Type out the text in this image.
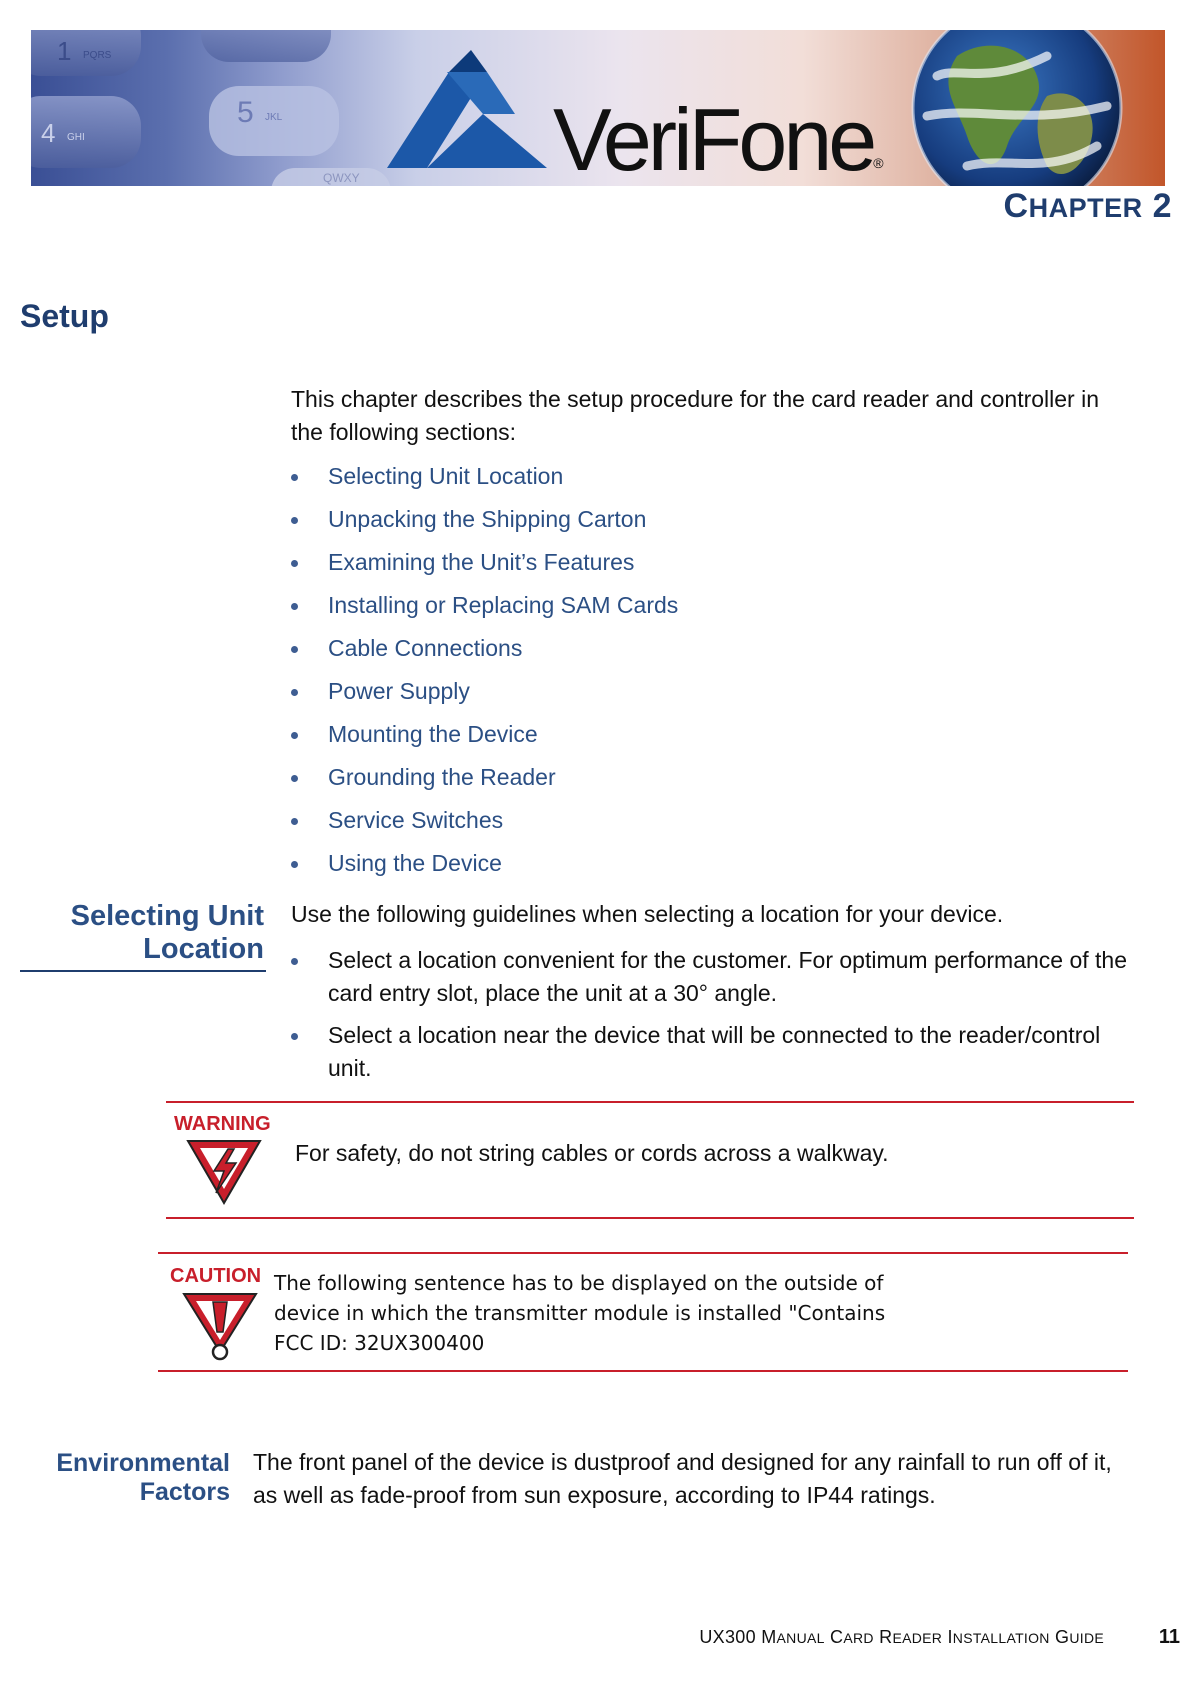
1 PQRS
4 GHI
5 JKL
QWXY VeriFone®
CHAPTER 2
Setup
This chapter describes the setup procedure for the card reader and controller in the following sections:
Selecting Unit Location
Unpacking the Shipping Carton
Examining the Unit’s Features
Installing or Replacing SAM Cards
Cable Connections
Power Supply
Mounting the Device
Grounding the Reader
Service Switches
Using the Device
Selecting Unit
Location
Use the following guidelines when selecting a location for your device.
Select a location convenient for the customer. For optimum performance of the card entry slot, place the unit at a 30° angle.
Select a location near the device that will be connected to the reader/control unit.
WARNING
For safety, do not string cables or cords across a walkway.
CAUTION The following sentence has to be displayed on the outside of device in which the transmitter module is installed "Contains FCC ID: 32UX300400
Environmental
Factors
The front panel of the device is dustproof and designed for any rainfall to run off of it, as well as fade-proof from sun exposure, according to IP44 ratings.
UX300 MANUAL CARD READER INSTALLATION GUIDE	11
